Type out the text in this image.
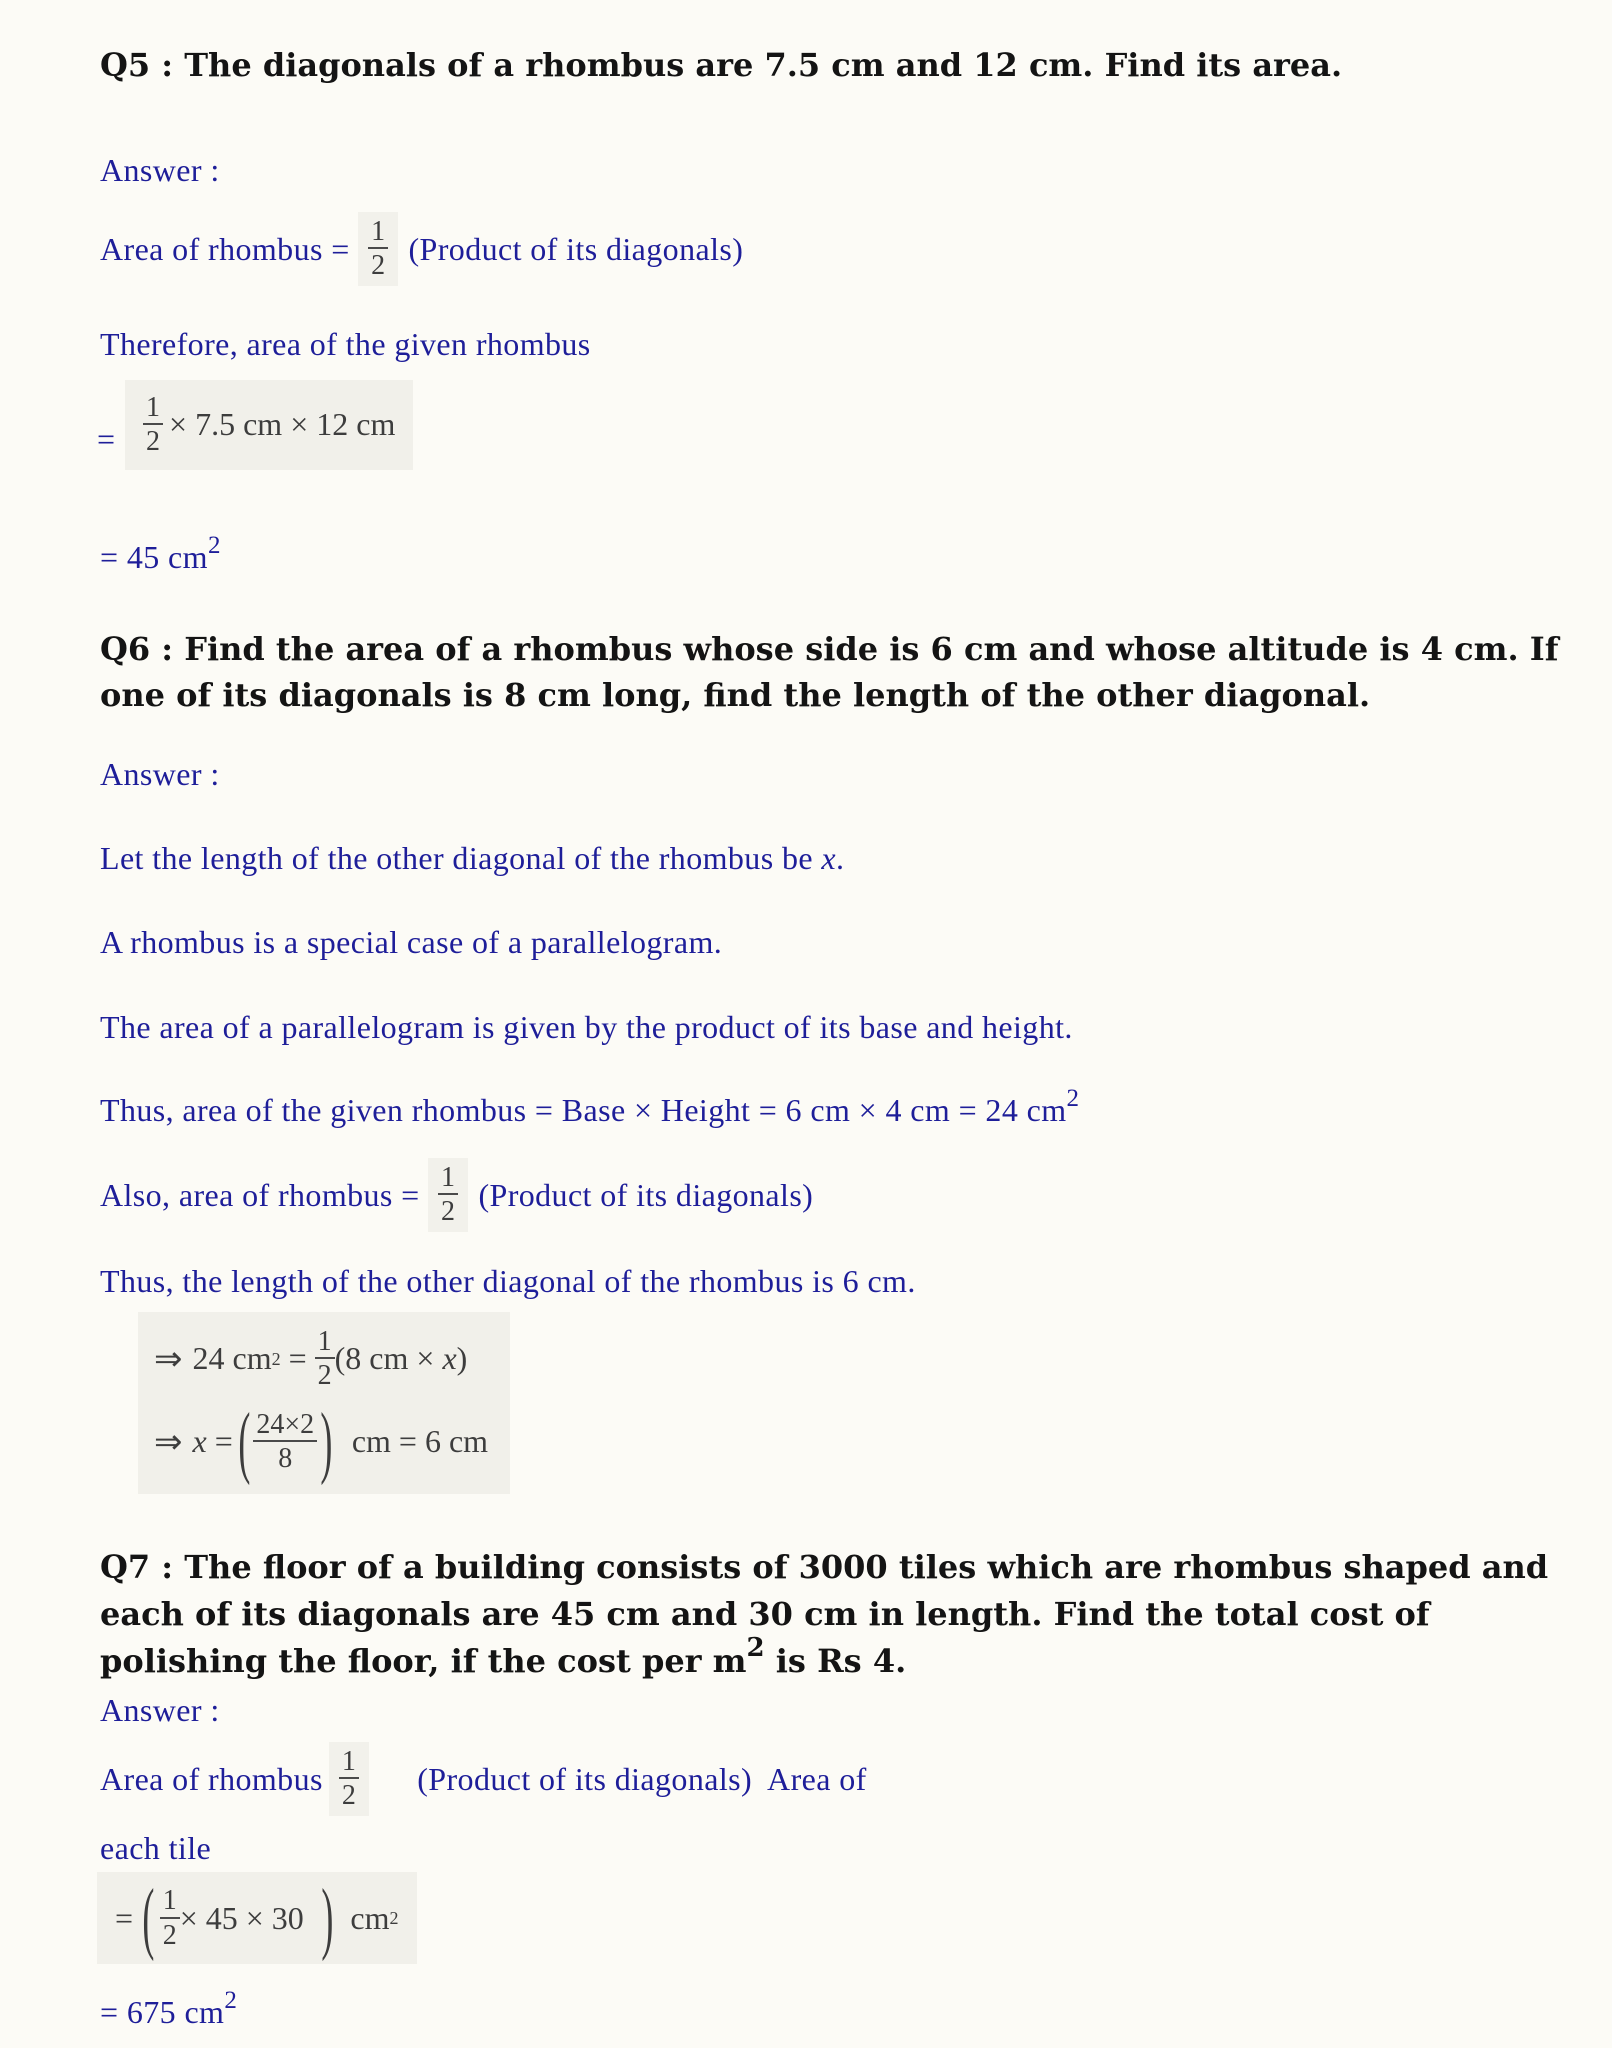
Q5 : The diagonals of a rhombus are 7.5 cm and 12 cm. Find its area.
Answer :
Area of rhombus = $\frac{1}{2}$ (Product of its diagonals)
Therefore, area of the given rhombus
= $\frac{1}{2} \times 7.5$ cm × 12 cm
= 45 $cm^2$
Q6 : Find the area of a rhombus whose side is 6 cm and whose altitude is 4 cm. If
one of its diagonals is 8 cm long, find the length of the other diagonal.
Answer :
Let the length of the other diagonal of the rhombus be x.
A rhombus is a special case of a parallelogram.
The area of a parallelogram is given by the product of its base and height.
Thus, area of the given rhombus = Base × Height = 6 cm × 4 cm = 24 $cm^2$
Also, area of rhombus = $\frac{1}{2}$ (Product of its diagonals)
Thus, the length of the other diagonal of the rhombus is 6 cm.
⇒ 24 cm $2 = \frac{1}{2} (8$ cm × x )
⇒ x =
( $\frac{24\times 2}{8}$ ) cm = 6 cm
Q7 : The floor of a building consists of 3000 tiles which are rhombus shaped and
each of its diagonals are 45 cm and 30 cm in length. Find the total cost of
polishing the floor, if the cost per $m^2$ is Rs 4.
Answer :
Area of rhombus $\frac{1}{2}$ (Product of its diagonals)  Area of
each tile
= ( $\frac{1}{2} \times 45 \times 30$ ) cm 2
= 675 $cm^2$
